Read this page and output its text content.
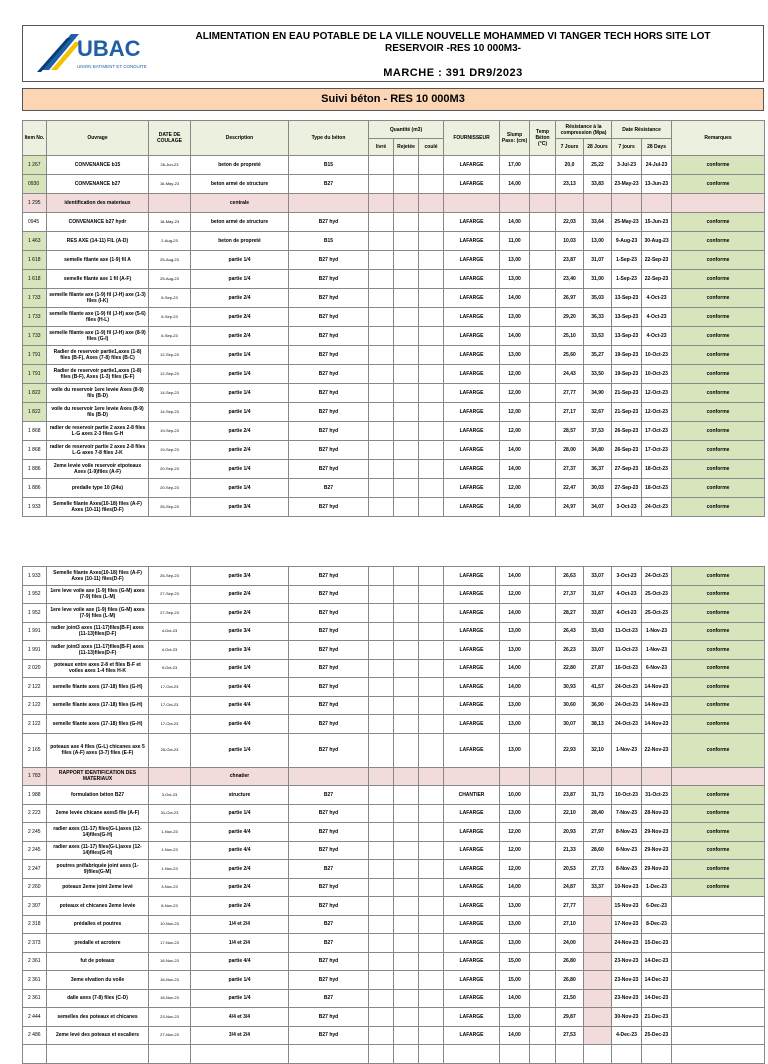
UBAC
UNION BATIMENT ET CONDUITE
ALIMENTATION EN EAU POTABLE DE LA VILLE NOUVELLE MOHAMMED VI TANGER TECH HORS SITE LOT
RESERVOIR -RES 10 000M3-
MARCHE : 391 DR9/2023
Suivi béton - RES 10 000M3
Item No.	Ouvrage	DATE DE COULAGE	Description	Type du béton	Quantité (m3)			FOURNISSEUR	Slump Pass: (cm)	Temp Béton (°C)	Résistance à la compression (Mpa)		Date Résistance		Remarques
					livré	Rejetée	coulé				7 Jours	28 Jours	7 jours	28 Days	
1 267	CONVENANCE b15	26-Jun-23	beton de propreté	B15				LAFARGE	17,00		20,0	25,22	3-Jul-23	24-Jul-23	conforme
0930	CONVENANCE b27	16-May-23	beton armé de structure	B27				LAFARGE	14,00		23,13	33,83	23-May-23	13-Jun-23	conforme
1 295	identification des materiaux		centrale												
0945	CONVENANCE b27 hydr	18-May-23	beton armé de structure	B27 hyd				LAFARGE	14,00		22,03	33,64	25-May-23	15-Jun-23	conforme
1 463	RES AXE (14-11) FIL (A-D)	2-Aug-23	beton de propreté	B15				LAFARGE	11,00		10,03	13,00	9-Aug-23	30-Aug-23	conforme
1 618	semelle filante axe (1-9) fil A	25-Aug-23	partie 1/4	B27 hyd				LAFARGE	13,00		23,87	31,07	1-Sep-23	22-Sep-23	conforme
1 618	semelle filante axe 1 fil (A-F)	25-Aug-23	partie 1/4	B27 hyd				LAFARGE	13,00		23,40	31,00	1-Sep-23	22-Sep-23	conforme
1 733	semelle filante axe (1-9) fil (J-H) axe (1-3) files (I-K)	6-Sep-23	partie 2/4	B27 hyd				LAFARGE	14,00		26,97	35,03	13-Sep-23	4-Oct-23	conforme
1 733	semelle filante axe (1-9) fil (J-H) axe (5-6) files (H-L)	6-Sep-23	partie 2/4	B27 hyd				LAFARGE	13,00		29,20	36,33	13-Sep-23	4-Oct-23	conforme
1 733	semelle filante axe (1-9) fil (J-H) axe (8-9) files (G-I)	6-Sep-23	partie 2/4	B27 hyd				LAFARGE	14,00		25,10	33,53	13-Sep-23	4-Oct-23	conforme
1 791	Radier de reservoir partie1,axes (1-8) files (B-F), Axes (7-8) files (B-C)	12-Sep-23	partie 1/4	B27 hyd				LAFARGE	13,00		25,60	35,27	19-Sep-23	10-Oct-23	conforme
1 791	Radier de reservoir partie1,axes (1-8) files (B-F), Axes (1-3) files (E-F)	12-Sep-23	partie 1/4	B27 hyd				LAFARGE	12,00		24,43	33,50	19-Sep-23	10-Oct-23	conforme
1 822	voile du reservoir 1ere levée Axes (8-9) fils (B-D)	14-Sep-23	partie 1/4	B27 hyd				LAFARGE	12,00		27,77	34,90	21-Sep-23	12-Oct-23	conforme
1 822	voile du reservoir 1ere levée Axes (8-9) fils (B-D)	14-Sep-23	partie 1/4	B27 hyd				LAFARGE	12,00		27,17	32,67	21-Sep-23	12-Oct-23	conforme
1 868	radier de reservoir partie 2 axes 2-8 files L-G axes 2-3 files G-H	19-Sep-23	partie 2/4	B27 hyd				LAFARGE	12,00		28,57	37,53	26-Sep-23	17-Oct-23	conforme
1 868	radier de reservoir partie 2 axes 2-8 files L-G axes 7-8 files J-K	19-Sep-23	partie 2/4	B27 hyd				LAFARGE	14,00		28,00	34,80	26-Sep-23	17-Oct-23	conforme
1 886	2eme levée voile reservoir etpoteaux Axes (1-9)files (A-F)	20-Sep-23	partie 1/4	B27 hyd				LAFARGE	14,00		27,37	36,37	27-Sep-23	18-Oct-23	conforme
1 886	predalle type 10 (24u)	20-Sep-23	partie 1/4	B27				LAFARGE	12,00		22,47	30,03	27-Sep-23	18-Oct-23	conforme
1 933	Semelle filante Axes(10-18) files (A-F) Axes (10-11) files(D-F)	26-Sep-23	partie 3/4	B27 hyd				LAFARGE	14,00		24,97	34,07	3-Oct-23	24-Oct-23	conforme
1 933	Semelle filante Axes(10-18) files (A-F) Axes (10-11) files(D-F)	26-Sep-23	partie 3/4	B27 hyd				LAFARGE	14,00		26,63	33,07	3-Oct-23	24-Oct-23	conforme
1 952	1ere leve voile axe (1-9) files (G-M) axes (7-9) files (L-M)	27-Sep-23	partie 2/4	B27 hyd				LAFARGE	12,00		27,37	31,67	4-Oct-23	25-Oct-23	conforme
1 952	1ere leve voile axe (1-9) files (G-M) axes (7-9) files (L-M)	27-Sep-23	partie 2/4	B27 hyd				LAFARGE	14,00		28,27	33,87	4-Oct-23	25-Oct-23	conforme
1 991	radier joint3 axes (11-17)files(B-F) axes (11-13)files(D-F)	4-Oct-23	partie 3/4	B27 hyd				LAFARGE	13,00		26,43	33,43	11-Oct-23	1-Nov-23	conforme
1 991	radier joint3 axes (11-17)files(B-F) axes (11-13)files(D-F)	4-Oct-23	partie 3/4	B27 hyd				LAFARGE	13,00		26,23	33,07	11-Oct-23	1-Nov-23	conforme
2 020	poteaux entre axes 2-8 et files B-F et voiles axes 1-4 files H-K	9-Oct-23	partie 1/4	B27 hyd				LAFARGE	14,00		22,80	27,87	16-Oct-23	6-Nov-23	conforme
2 122	semelle filante axes (17-18) files (G-H)	17-Oct-23	partie 4/4	B27 hyd				LAFARGE	14,00		30,93	41,57	24-Oct-23	14-Nov-23	conforme
2 122	semelle filante axes (17-18) files (G-H)	17-Oct-23	partie 4/4	B27 hyd				LAFARGE	13,00		30,60	36,90	24-Oct-23	14-Nov-23	conforme
2 122	semelle filante axes (17-18) files (G-H)	17-Oct-23	partie 4/4	B27 hyd				LAFARGE	13,00		30,07	38,13	24-Oct-23	14-Nov-23	conforme
2 165	poteaux axe 4 files (G-L) chicanes axe 5 files (A-F) axes (3-7) files (E-F)	25-Oct-23	partie 1/4	B27 hyd				LAFARGE	13,00		22,93	32,10	1-Nov-23	22-Nov-23	conforme
1 783	RAPPORT IDENTIFICATION DES MATERIAUX		chnatier												
1 988	formulation béton B27	3-Oct-23	structure	B27				CHANTIER	10,00		23,87	31,73	10-Oct-23	31-Oct-23	conforme
2 223	2eme levée chicane axes5 file (A-F)	31-Oct-23	partie 1/4	B27 hyd				LAFARGE	13,00		22,10	28,40	7-Nov-23	28-Nov-23	conforme
2 245	radier axes (11-17) files(G-L)axes (12-14)files(G-H)	1-Nov-23	partie 4/4	B27 hyd				LAFARGE	12,00		20,93	27,97	8-Nov-23	29-Nov-23	conforme
2 245	radier axes (11-17) files(G-L)axes (12-14)files(G-H)	1-Nov-23	partie 4/4	B27 hyd				LAFARGE	12,00		21,33	28,60	8-Nov-23	29-Nov-23	conforme
2 247	poutres préfabriquée joint axes (1-9)files(G-M)	1-Nov-23	partie 2/4	B27				LAFARGE	12,00		20,53	27,73	8-Nov-23	29-Nov-23	conforme
2 260	poteaux 2eme joint 2eme levé	3-Nov-23	partie 2/4	B27 hyd				LAFARGE	14,00		24,87	33,37	10-Nov-23	1-Dec-23	conforme
2 307	poteaux et chicanes 2eme levée	8-Nov-23	partie 2/4	B27 hyd				LAFARGE	13,00		27,77		15-Nov-23	6-Dec-23	
2 318	prédalles et poutres	10-Nov-23	1/4 et 2/4	B27				LAFARGE	13,00		27,10		17-Nov-23	8-Dec-23	
2 373	predalle et acrotere	17-Nov-23	1/4 et 2/4	B27				LAFARGE	13,00		24,00		24-Nov-23	15-Dec-23	
2 361	fut de poteaux	16-Nov-23	partie 4/4	B27 hyd				LAFARGE	15,00		26,80		23-Nov-23	14-Dec-23	
2 361	3eme elvation du voile	16-Nov-23	partie 1/4	B27 hyd				LAFARGE	15,00		26,80		23-Nov-23	14-Dec-23	
2 361	dalle axes (7-8) files (C-D)	16-Nov-23	partie 1/4	B27				LAFARGE	14,00		21,50		23-Nov-23	14-Dec-23	
2 444	semelles des poteaux et chicanes	23-Nov-23	4/4 et 3/4	B27 hyd				LAFARGE	13,00		29,87		30-Nov-23	21-Dec-23	
2 486	2eme levé des poteaux et escaliers	27-Nov-23	3/4 et 2/4	B27 hyd				LAFARGE	14,00		27,53		4-Dec-23	25-Dec-23	
